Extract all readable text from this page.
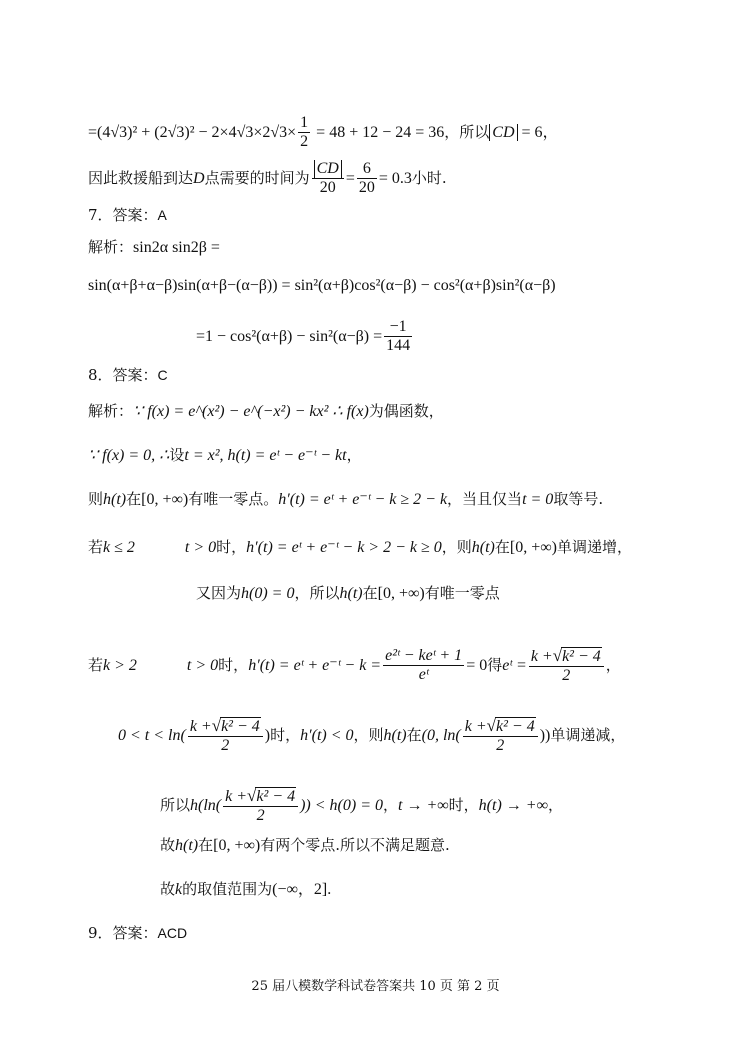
$=(4√3)^2 + (2√3)^2 - 2\times 4√3\times 2√3\times \frac{1}{2} = 48 + 12 - 24 = 36$，所以 CD = 6，
因此救援船到达D点需要的时间为 $\frac{CD}{20} = \frac{6}{20} = 0.3$小时.
7．答案：A
解析：sin2α sin2β =
sin(α+β+α−β)sin(α+β−(α−β)) = sin²(α+β)cos²(α−β) − cos²(α+β)sin²(α−β)
$=1 - \cos^2(\alpha+\beta) - \sin^2(\alpha-\beta) = \frac{-1}{144}$
8．答案：C
解析：∵ f(x) = e^(x²) − e^(−x²) − kx² ∴ f(x)为偶函数，
∵ f(x) = 0, ∴设t = x², h(t) = eᵗ − e⁻ᵗ − kt，
则h(t)在[0, +∞)有唯一零点。h′(t) = eᵗ + e⁻ᵗ − k ≥ 2 − k，当且仅当t = 0取等号.
若k ≤ 2	t > 0时，h′(t) = eᵗ + e⁻ᵗ − k > 2 − k ≥ 0，则h(t)在[0, +∞)单调递增，
又因为h(0) = 0，所以h(t)在[0, +∞)有唯一零点
若k > 2	t > 0时，h′(t) = eᵗ + e⁻ᵗ − $k = \frac{\text{e²ᵗ − keᵗ + 1}}{\text{eᵗ}} = 0$得eᵗ = $\frac{\text{k +√k² − 4}}{2}$ ，
$0 < t < \ln( \frac{\text{k +√k² − 4}}{2}$ )时，h′(t) < 0，则h(t)在(0, $\ln( \frac{\text{k +√k² − 4}}{2}$ ))单调递减，
所以$h(\ln( \frac{\text{k +√k² − 4}}{2}$ )) < h(0) = 0，t → +∞时，h(t) → +∞，
故h(t)在[0, +∞)有两个零点.所以不满足题意.
故k的取值范围为(−∞，2].
9．答案：ACD
25 届八模数学科试卷答案共 10 页 第 2 页
